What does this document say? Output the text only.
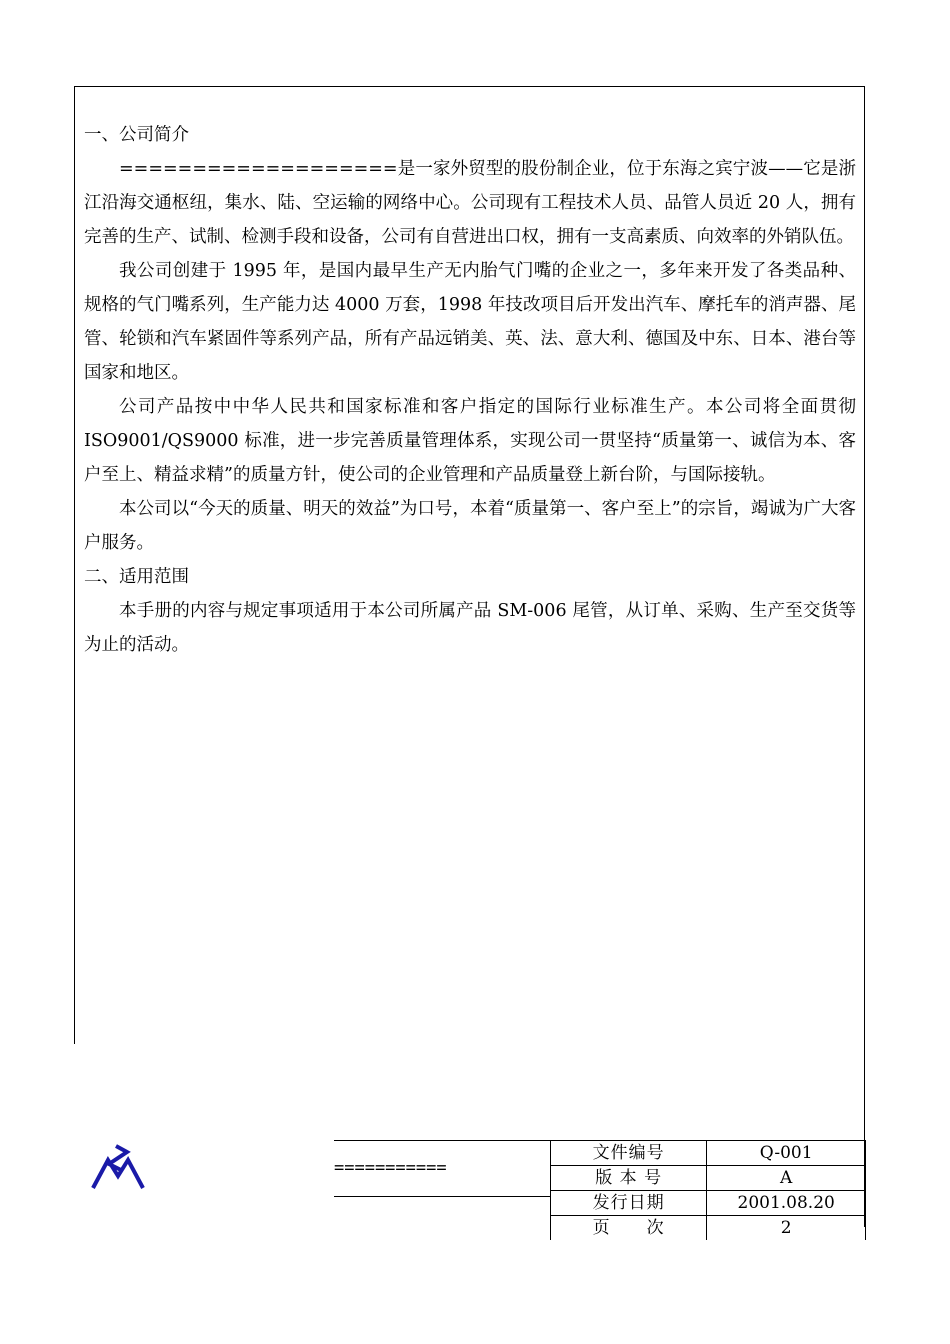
一、公司简介

===================是一家外贸型的股份制企业，位于东海之宾宁波——它是浙江沿海交通枢纽，集水、陆、空运输的网络中心。公司现有工程技术人员、品管人员近 20 人，拥有完善的生产、试制、检测手段和设备，公司有自营进出口权，拥有一支高素质、向效率的外销队伍。

我公司创建于 1995 年，是国内最早生产无内胎气门嘴的企业之一，多年来开发了各类品种、规格的气门嘴系列，生产能力达 4000 万套，1998 年技改项目后开发出汽车、摩托车的消声器、尾管、轮锁和汽车紧固件等系列产品，所有产品远销美、英、法、意大利、德国及中东、日本、港台等国家和地区。

公司产品按中中华人民共和国家标准和客户指定的国际行业标准生产。本公司将全面贯彻 ISO9001/QS9000 标准，进一步完善质量管理体系，实现公司一贯坚持“质量第一、诚信为本、客户至上、精益求精”的质量方针，使公司的企业管理和产品质量登上新台阶，与国际接轨。

本公司以“今天的质量、明天的效益”为口号，本着“质量第一、客户至上”的宗旨，竭诚为广大客户服务。

二、适用范围

本手册的内容与规定事项适用于本公司所属产品 SM-006 尾管，从订单、采购、生产至交货等为止的活动。

===========
文件编号	Q-001
版 本 号	A
发行日期	2001.08.20
页　　次	2
